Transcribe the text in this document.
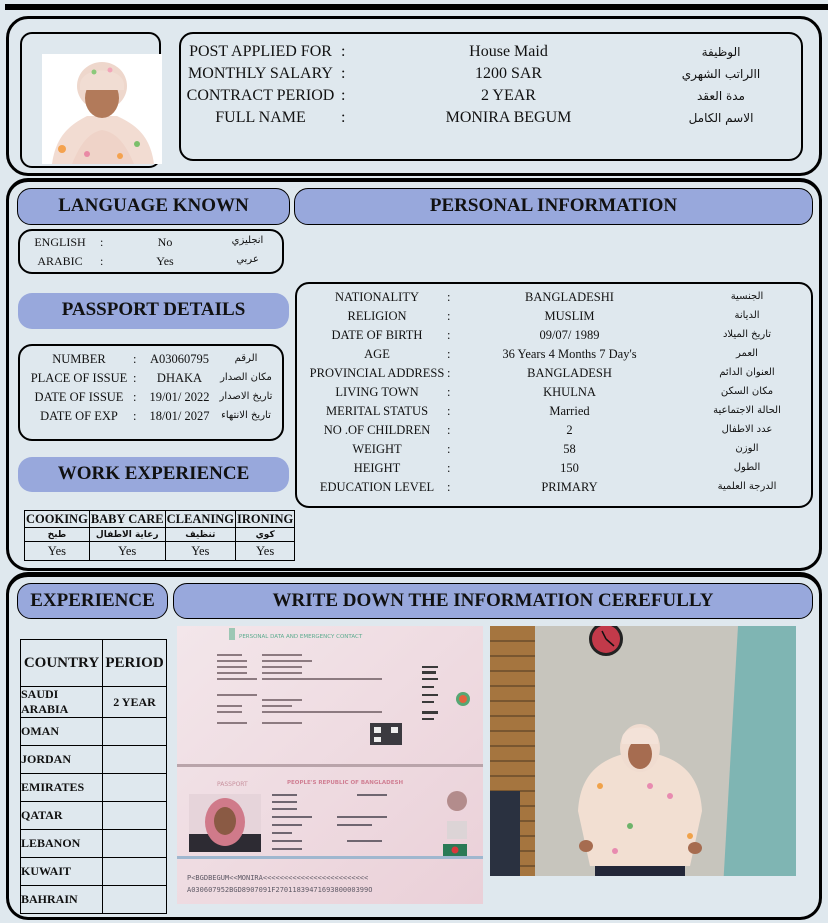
POST APPLIED FOR :	House Maid	الوظيفة
MONTHLY SALARY :	1200 SAR	االراتب الشهري
CONTRACT PERIOD :	2 YEAR	مدة العقد
FULL NAME	:	MONIRA BEGUM	الاسم الكامل
LANGUAGE KNOWN	PERSONAL INFORMATION
ENGLISH	:	No	انجليزي
ARABIC	:	Yes	عربي
PASSPORT DETAILS
NUMBER	: A03060795	الرقم
PLACE OF ISSUE :	DHAKA	مكان الصدار
DATE OF ISSUE : 19/01/ 2022	تاريخ الاصدار
DATE OF EXP	: 18/01/ 2027	تاريخ الانتهاء
WORK EXPERIENCE
COOKING	BABY CARE	CLEANING	IRONING
طبخ	رعاية الاطفال	تنظيف	كوي
Yes	Yes	Yes	Yes
NATIONALITY	:	BANGLADESHI	الجنسية
RELIGION	:	MUSLIM	الديانة
DATE OF BIRTH	:	09/07/ 1989	تاريخ الميلاد
AGE	:	36 Years 4 Months 7 Day's	العمر
PROVINCIAL ADDRESS :	BANGLADESH	العنوان الدائم
LIVING TOWN	:	KHULNA	مكان السكن
MERITAL STATUS	:	Married	الحالة الاجتماعية
NO .OF CHILDREN	:	2	عدد الاطفال
WEIGHT	:	58	الوزن
HEIGHT	:	150	الطول
EDUCATION LEVEL	:	PRIMARY	الدرجة العلمية
EXPERIENCE	WRITE DOWN THE INFORMATION CEREFULLY
COUNTRY	PERIOD
SAUDI ARABIA	2 YEAR
OMAN	
JORDAN	
EMIRATES	
QATAR	
LEBANON	
KUWAIT	
BAHRAIN	
PERSONAL DATA AND EMERGENCY CONTACT
PASSPORT	PEOPLE'S REPUBLIC OF BANGLADESH
P<BGDBEGUM<<MONIRA<<<<<<<<<<<<<<<<<<<<<<<<<
A030607952BGD8907091F2701183947169380000399O
